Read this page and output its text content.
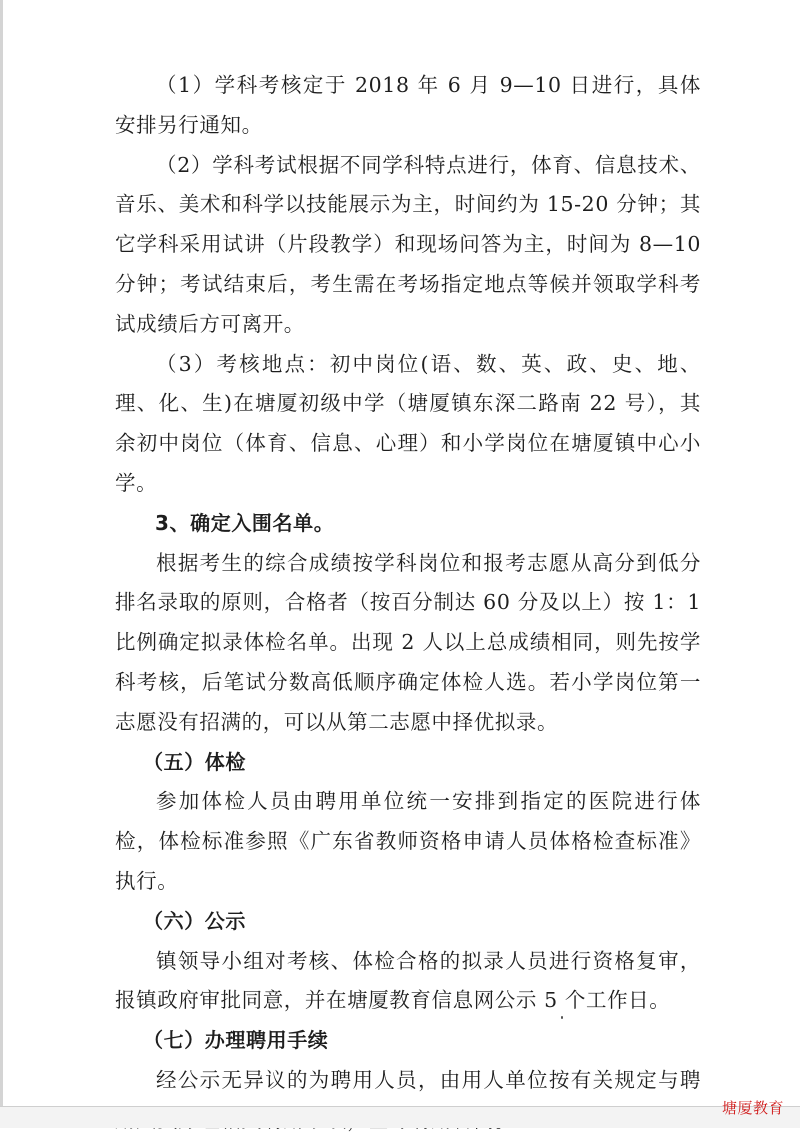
（1）学科考核定于 2018 年 6 月 9—10 日进行，具体安排另行通知。

（2）学科考试根据不同学科特点进行，体育、信息技术、音乐、美术和科学以技能展示为主，时间约为 15-20 分钟；其它学科采用试讲（片段教学）和现场问答为主，时间为 8—10 分钟；考试结束后，考生需在考场指定地点等候并领取学科考试成绩后方可离开。

（3）考核地点：初中岗位(语、数、英、政、史、地、理、化、生)在塘厦初级中学（塘厦镇东深二路南 22 号），其余初中岗位（体育、信息、心理）和小学岗位在塘厦镇中心小学。

3、确定入围名单。

根据考生的综合成绩按学科岗位和报考志愿从高分到低分排名录取的原则，合格者（按百分制达 60 分及以上）按 1：1 比例确定拟录体检名单。出现 2 人以上总成绩相同，则先按学科考核，后笔试分数高低顺序确定体检人选。若小学岗位第一志愿没有招满的，可以从第二志愿中择优拟录。

（五）体检

参加体检人员由聘用单位统一安排到指定的医院进行体检，体检标准参照《广东省教师资格申请人员体格检查标准》执行。

（六）公示

镇领导小组对考核、体检合格的拟录人员进行资格复审，报镇政府审批同意，并在塘厦教育信息网公示 5 个工作日。

（七）办理聘用手续

经公示无异议的为聘用人员，由用人单位按有关规定与聘

塘厦教育
